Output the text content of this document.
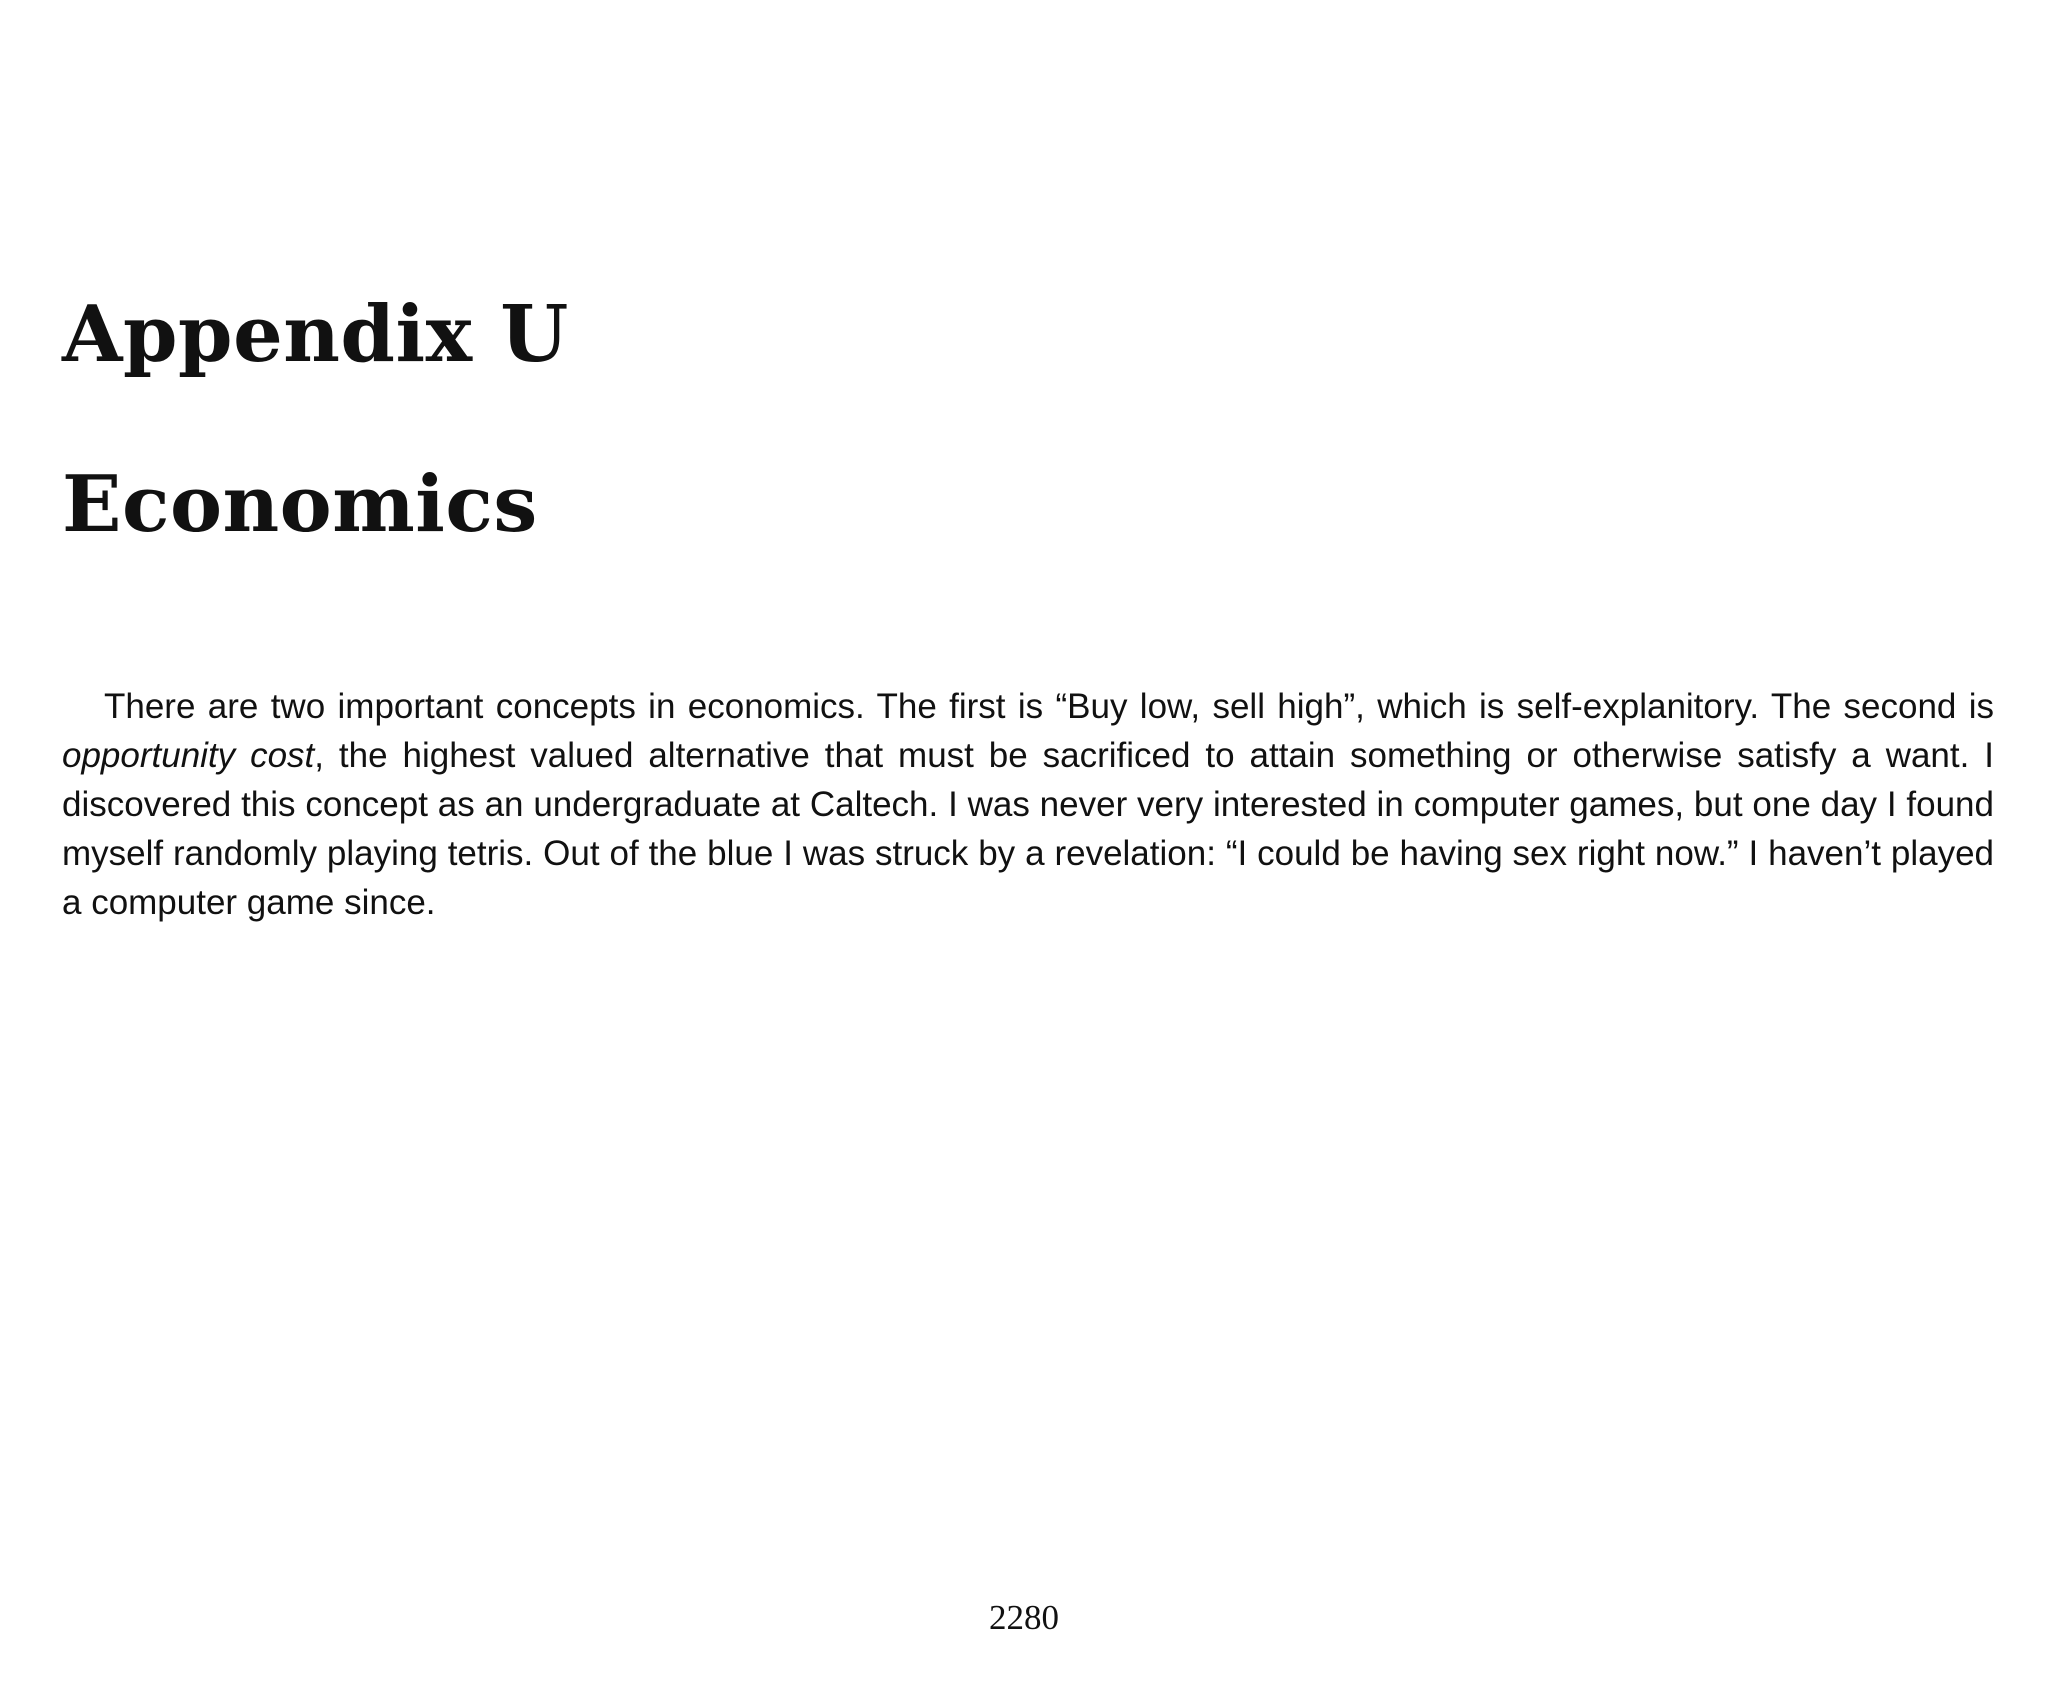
Appendix U
Economics

There are two important concepts in economics. The first is “Buy low, sell high”, which is self-explanitory. The second is opportunity cost, the highest valued alternative that must be sacrificed to attain something or otherwise satisfy a want. I discovered this concept as an undergraduate at Caltech. I was never very interested in computer games, but one day I found myself randomly playing tetris. Out of the blue I was struck by a revelation: “I could be having sex right now.” I haven’t played a computer game since.

2280
